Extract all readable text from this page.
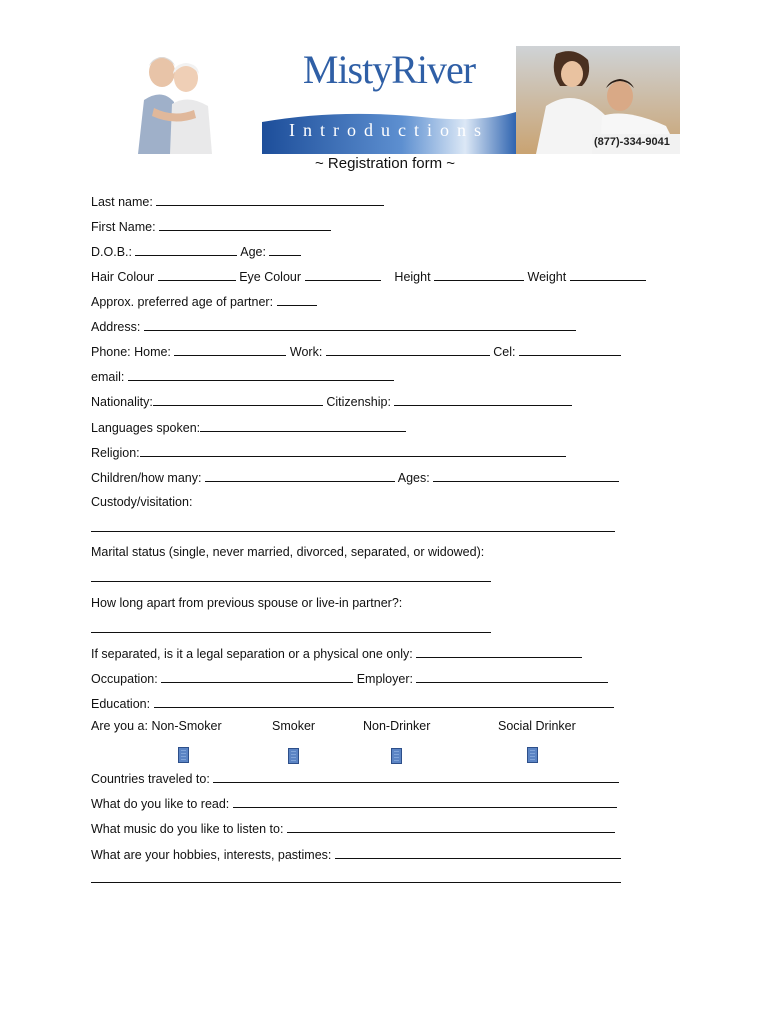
MistyRiver
Introductions
(877)-334-9041
~ Registration form ~
Last name:
First Name:
D.O.B.:	Age:
Hair Colour	Eye Colour	Height	Weight
Approx. preferred age of partner:
Address:
Phone: Home:	Work:	Cel:
email:
Nationality:	Citizenship:
Languages spoken:
Religion:
Children/how many:	Ages:
Custody/visitation:
Marital status (single, never married, divorced, separated, or widowed):
How long apart from previous spouse or live-in partner?:
If separated, is it a legal separation or a physical one only:
Occupation:	Employer:
Education:
Are you a: Non-Smoker	Smoker	Non-Drinker	Social Drinker
Countries traveled to:
What do you like to read:
What music do you like to listen to:
What are your hobbies, interests, pastimes:
